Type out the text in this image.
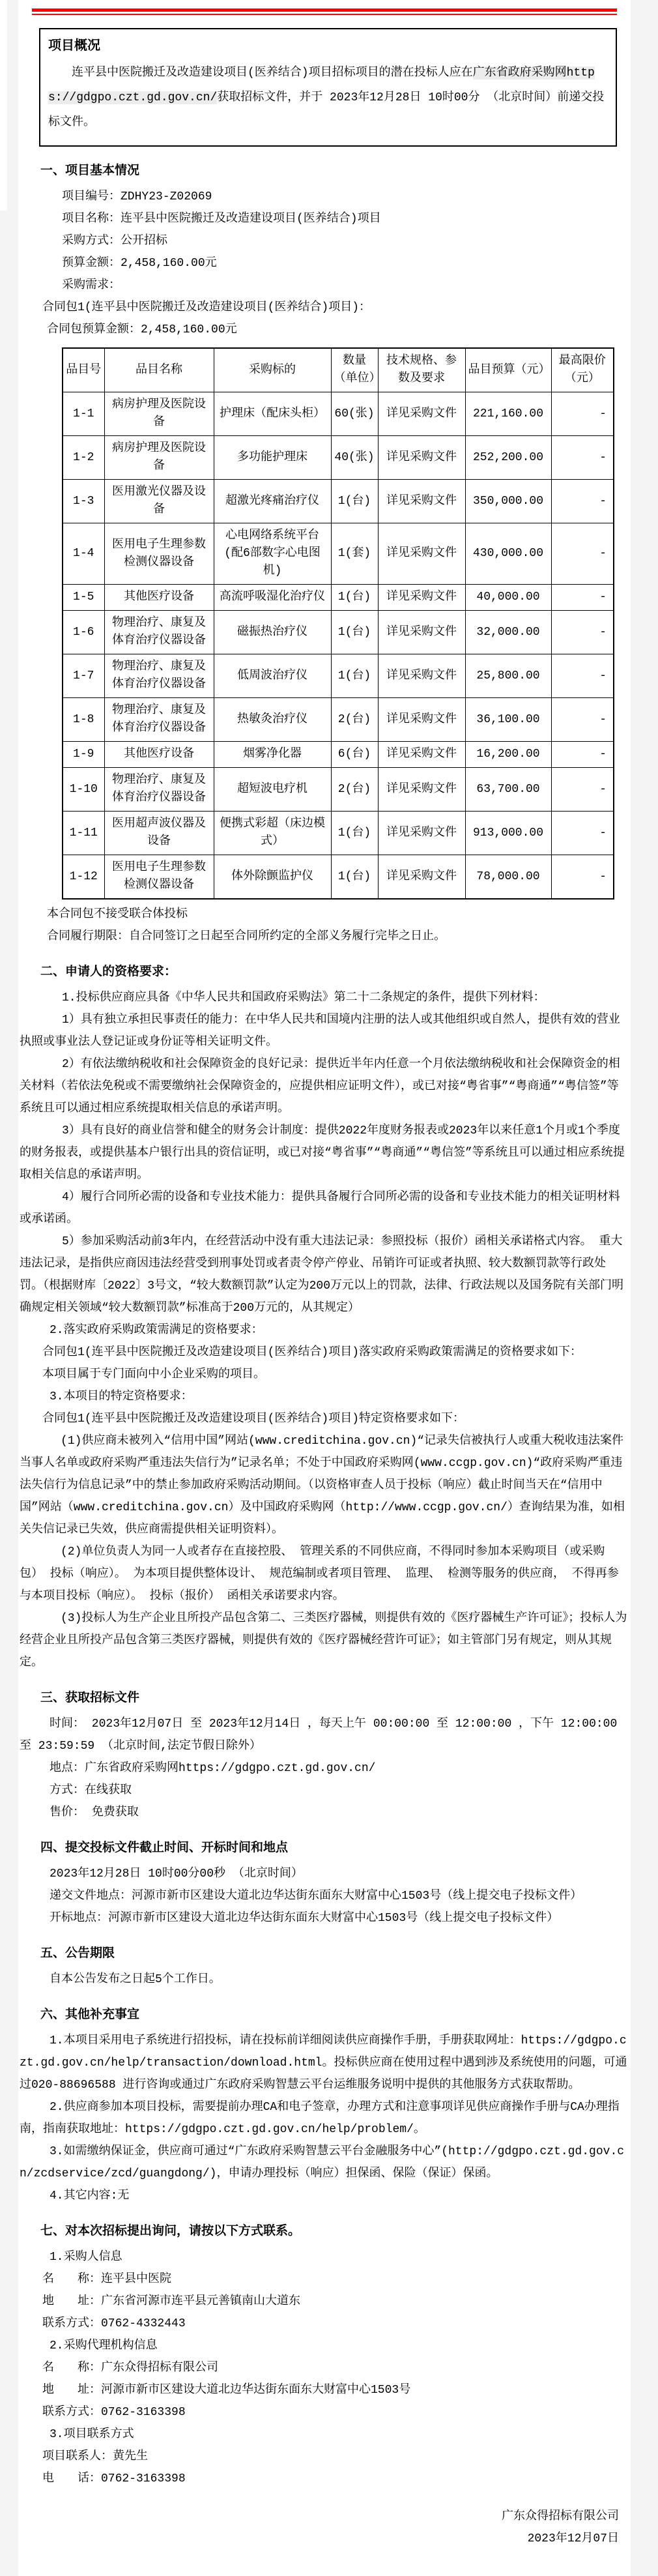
项目概况
连平县中医院搬迁及改造建设项目(医养结合)项目招标项目的潜在投标人应在广东省政府采购网https://gdgpo.czt.gd.gov.cn/获取招标文件，并于 2023年12月28日 10时00分 （北京时间）前递交投标文件。
一、项目基本情况

项目编号：ZDHY23-Z02069

项目名称：连平县中医院搬迁及改造建设项目(医养结合)项目

采购方式：公开招标

预算金额：2,458,160.00元

采购需求：

合同包1(连平县中医院搬迁及改造建设项目(医养结合)项目)：

合同包预算金额：2,458,160.00元

品目号	品目名称	采购标的	数量（单位）	技术规格、参数及要求	品目预算（元）	最高限价（元）
1-1	病房护理及医院设备	护理床（配床头柜）	60(张)	详见采购文件	221,160.00	-
1-2	病房护理及医院设备	多功能护理床	40(张)	详见采购文件	252,200.00	-
1-3	医用激光仪器及设备	超激光疼痛治疗仪	1(台)	详见采购文件	350,000.00	-
1-4	医用电子生理参数检测仪器设备	心电网络系统平台(配6部数字心电图机)	1(套)	详见采购文件	430,000.00	-
1-5	其他医疗设备	高流呼吸湿化治疗仪	1(台)	详见采购文件	40,000.00	-
1-6	物理治疗、康复及体育治疗仪器设备	磁振热治疗仪	1(台)	详见采购文件	32,000.00	-
1-7	物理治疗、康复及体育治疗仪器设备	低周波治疗仪	1(台)	详见采购文件	25,800.00	-
1-8	物理治疗、康复及体育治疗仪器设备	热敏灸治疗仪	2(台)	详见采购文件	36,100.00	-
1-9	其他医疗设备	烟雾净化器	6(台)	详见采购文件	16,200.00	-
1-10	物理治疗、康复及体育治疗仪器设备	超短波电疗机	2(台)	详见采购文件	63,700.00	-
1-11	医用超声波仪器及设备	便携式彩超（床边模式）	1(台)	详见采购文件	913,000.00	-
1-12	医用电子生理参数检测仪器设备	体外除颤监护仪	1(台)	详见采购文件	78,000.00	-

本合同包不接受联合体投标

合同履行期限：自合同签订之日起至合同所约定的全部义务履行完毕之日止。

二、申请人的资格要求：

1.投标供应商应具备《中华人民共和国政府采购法》第二十二条规定的条件，提供下列材料：

1）具有独立承担民事责任的能力：在中华人民共和国境内注册的法人或其他组织或自然人，提供有效的营业执照或事业法人登记证或身份证等相关证明文件。

2）有依法缴纳税收和社会保障资金的良好记录：提供近半年内任意一个月依法缴纳税收和社会保障资金的相关材料（若依法免税或不需要缴纳社会保障资金的，应提供相应证明文件），或已对接“粤省事”“粤商通”“粤信签”等系统且可以通过相应系统提取相关信息的承诺声明。

3）具有良好的商业信誉和健全的财务会计制度：提供2022年度财务报表或2023年以来任意1个月或1个季度的财务报表，或提供基本户银行出具的资信证明，或已对接“粤省事”“粤商通”“粤信签”等系统且可以通过相应系统提取相关信息的承诺声明。

4）履行合同所必需的设备和专业技术能力：提供具备履行合同所必需的设备和专业技术能力的相关证明材料或承诺函。

5）参加采购活动前3年内，在经营活动中没有重大违法记录：参照投标（报价）函相关承诺格式内容。 重大违法记录，是指供应商因违法经营受到刑事处罚或者责令停产停业、吊销许可证或者执照、较大数额罚款等行政处罚。（根据财库〔2022〕3号文，“较大数额罚款”认定为200万元以上的罚款，法律、行政法规以及国务院有关部门明确规定相关领域“较大数额罚款”标准高于200万元的，从其规定）

2.落实政府采购政策需满足的资格要求：

合同包1(连平县中医院搬迁及改造建设项目(医养结合)项目)落实政府采购政策需满足的资格要求如下：

本项目属于专门面向中小企业采购的项目。

3.本项目的特定资格要求：

合同包1(连平县中医院搬迁及改造建设项目(医养结合)项目)特定资格要求如下：

(1)供应商未被列入“信用中国”网站(www.creditchina.gov.cn)“记录失信被执行人或重大税收违法案件当事人名单或政府采购严重违法失信行为”记录名单；不处于中国政府采购网(www.ccgp.gov.cn)“政府采购严重违法失信行为信息记录”中的禁止参加政府采购活动期间。（以资格审查人员于投标（响应）截止时间当天在“信用中国”网站（www.creditchina.gov.cn）及中国政府采购网（http://www.ccgp.gov.cn/）查询结果为准，如相关失信记录已失效，供应商需提供相关证明资料）。

(2)单位负责人为同一人或者存在直接控股、 管理关系的不同供应商，不得同时参加本采购项目（或采购包） 投标（响应）。 为本项目提供整体设计、 规范编制或者项目管理、 监理、 检测等服务的供应商， 不得再参与本项目投标（响应）。 投标（报价） 函相关承诺要求内容。

(3)投标人为生产企业且所投产品包含第二、三类医疗器械，则提供有效的《医疗器械生产许可证》；投标人为经营企业且所投产品包含第三类医疗器械，则提供有效的《医疗器械经营许可证》；如主管部门另有规定，则从其规定。

三、获取招标文件

时间： 2023年12月07日 至 2023年12月14日 ，每天上午 00:00:00 至 12:00:00 ，下午 12:00:00 至 23:59:59 （北京时间,法定节假日除外）

地点：广东省政府采购网https://gdgpo.czt.gd.gov.cn/

方式：在线获取

售价： 免费获取

四、提交投标文件截止时间、开标时间和地点

2023年12月28日 10时00分00秒 （北京时间）

递交文件地点：河源市新市区建设大道北边华达街东面东大财富中心1503号（线上提交电子投标文件）

开标地点：河源市新市区建设大道北边华达街东面东大财富中心1503号（线上提交电子投标文件）

五、公告期限

自本公告发布之日起5个工作日。

六、其他补充事宜

1.本项目采用电子系统进行招投标，请在投标前详细阅读供应商操作手册，手册获取网址：https://gdgpo.czt.gd.gov.cn/help/transaction/download.html。投标供应商在使用过程中遇到涉及系统使用的问题，可通过020-88696588 进行咨询或通过广东政府采购智慧云平台运维服务说明中提供的其他服务方式获取帮助。

2.供应商参加本项目投标，需要提前办理CA和电子签章，办理方式和注意事项详见供应商操作手册与CA办理指南，指南获取地址：https://gdgpo.czt.gd.gov.cn/help/problem/。

3.如需缴纳保证金，供应商可通过“广东政府采购智慧云平台金融服务中心”(http://gdgpo.czt.gd.gov.cn/zcdservice/zcd/guangdong/)，申请办理投标（响应）担保函、保险（保证）保函。

4.其它内容:无

七、对本次招标提出询问，请按以下方式联系。

1.采购人信息

名　　称：连平县中医院

地　　址：广东省河源市连平县元善镇南山大道东

联系方式：0762-4332443

2.采购代理机构信息

名　　称：广东众得招标有限公司

地　　址：河源市新市区建设大道北边华达街东面东大财富中心1503号

联系方式：0762-3163398

3.项目联系方式

项目联系人：黄先生

电　　话：0762-3163398

广东众得招标有限公司

2023年12月07日
